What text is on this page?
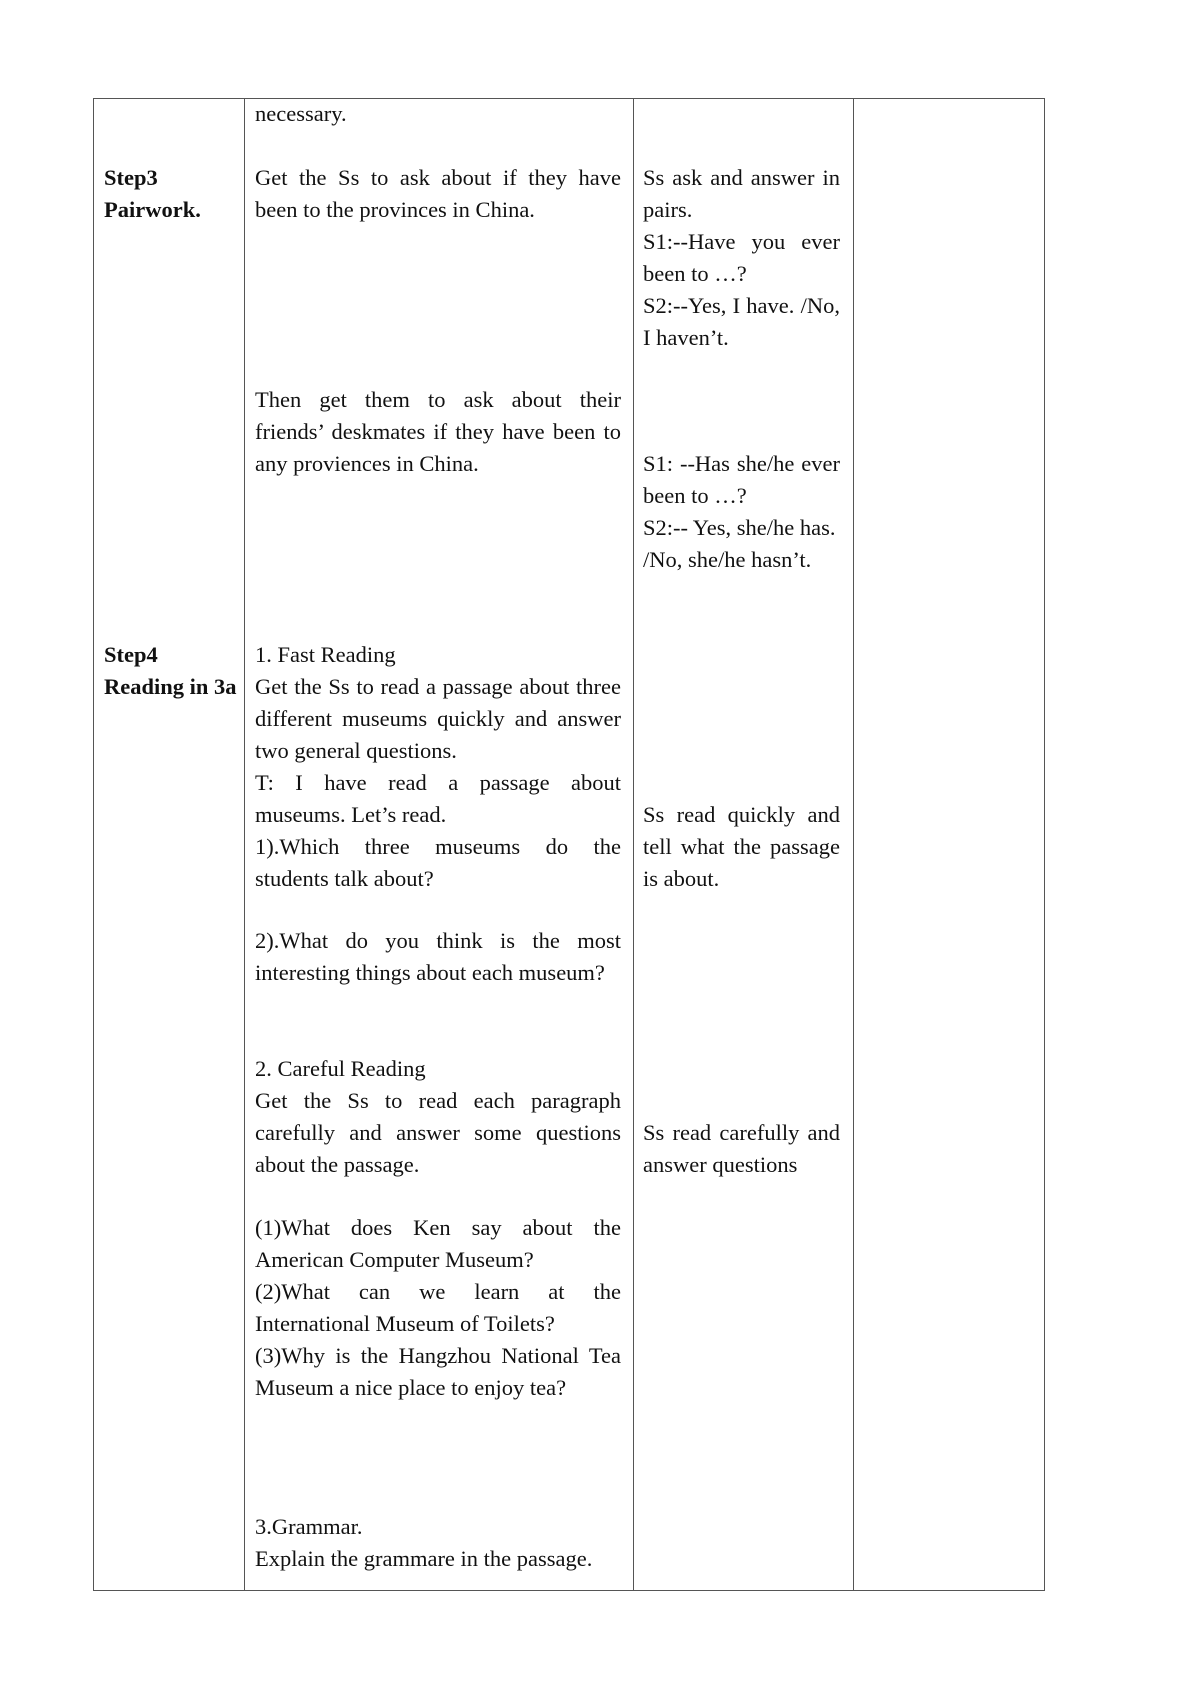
necessary.

Step3
Pairwork.

Get the Ss to ask about if they have been to the provinces in China.

Then get them to ask about their friends’ deskmates if they have been to any proviences in China.

Ss ask and answer in pairs.
S1:--Have you ever been to …?
S2:--Yes, I have. /No, I haven’t.
S1: --Has she/he ever been to …?
S2:-- Yes, she/he has.
/No, she/he hasn’t.
Step4
Reading in 3a
1. Fast Reading
Get the Ss to read a passage about three different museums quickly and answer two general questions.
T: I have read a passage about museums. Let’s read.
1).Which three museums do the students talk about?

2).What do you think is the most interesting things about each museum?

2. Careful Reading
Get the Ss to read each paragraph carefully and answer some questions about the passage.
(1)What does Ken say about the American Computer Museum?
(2)What can we learn at the International Museum of Toilets?
(3)Why is the Hangzhou National Tea Museum a nice place to enjoy tea?
3.Grammar.
Explain the grammare in the passage.

Ss read quickly and tell what the passage is about.

Ss read carefully and answer questions
